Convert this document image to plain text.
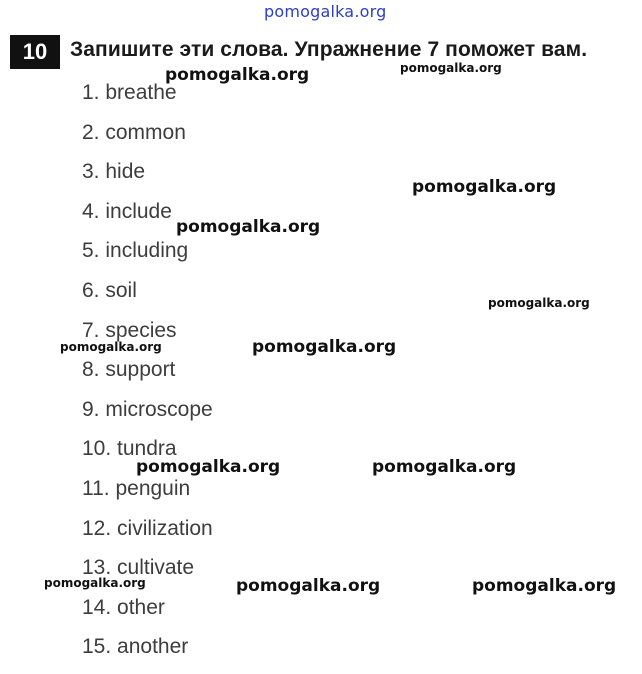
pomogalka.org
10	Запишите эти слова. Упражнение 7 поможет вам.
1. breathe
2. common
3. hide
4. include
5. including
6. soil
7. species
8. support
9. microscope
10. tundra
11. penguin
12. civilization
13. cultivate
14. other
15. another
pomogalka.org	pomogalka.org
pomogalka.org
pomogalka.org
pomogalka.org
pomogalka.org	pomogalka.org
pomogalka.org	pomogalka.org
pomogalka.org	pomogalka.org	pomogalka.org
